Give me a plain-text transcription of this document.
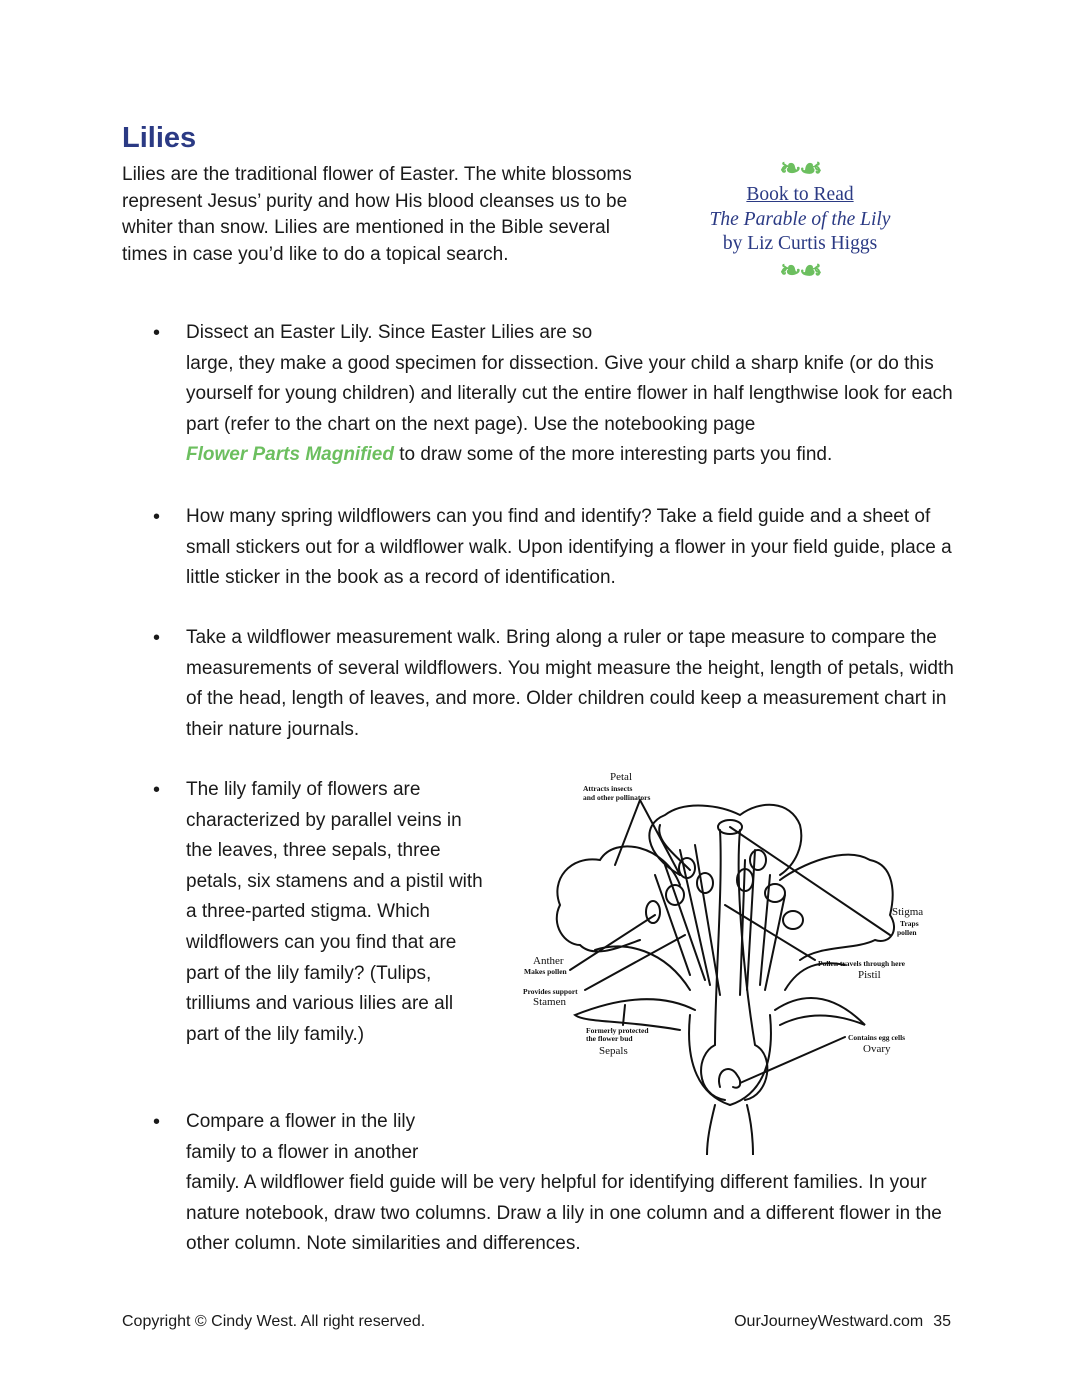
Lilies

Lilies are the traditional flower of Easter. The white blossoms represent Jesus’ purity and how His blood cleanses us to be whiter than snow. Lilies are mentioned in the Bible several times in case you’d like to do a topical search.

❧☙
Book to Read
The Parable of the Lily
by Liz Curtis Higgs
❧☙
• Dissect an Easter Lily. Since Easter Lilies are so
large, they make a good specimen for dissection. Give your child a sharp knife (or do this yourself for young children) and literally cut the entire flower in half lengthwise look for each part (refer to the chart on the next page). Use the notebooking page
Flower Parts Magnified to draw some of the more interesting parts you find.
• How many spring wildflowers can you find and identify? Take a field guide and a sheet of small stickers out for a wildflower walk. Upon identifying a flower in your field guide, place a little sticker in the book as a record of identification.
• Take a wildflower measurement walk. Bring along a ruler or tape measure to compare the measurements of several wildflowers. You might measure the height, length of petals, width of the head, length of leaves, and more. Older children could keep a measurement chart in their nature journals.
• The lily family of flowers are characterized by parallel veins in the leaves, three sepals, three petals, six stamens and a pistil with a three-parted stigma. Which wildflowers can you find that are part of the lily family? (Tulips, trilliums and various lilies are all part of the lily family.)
• Compare a flower in the lily
family to a flower in another
family. A wildflower field guide will be very helpful for identifying different families. In your nature notebook, draw two columns. Draw a lily in one column and a different flower in the other column. Note similarities and differences.
Petal
Attracts insects
and other pollinators
Stigma
Traps
pollen
Anther
Makes pollen
Provides support
Stamen
Pollen travels through here
Pistil
Formerly protected
the flower bud
Sepals
Contains egg cells
Ovary
Copyright © Cindy West. All right reserved.	OurJourneyWestward.com 35
